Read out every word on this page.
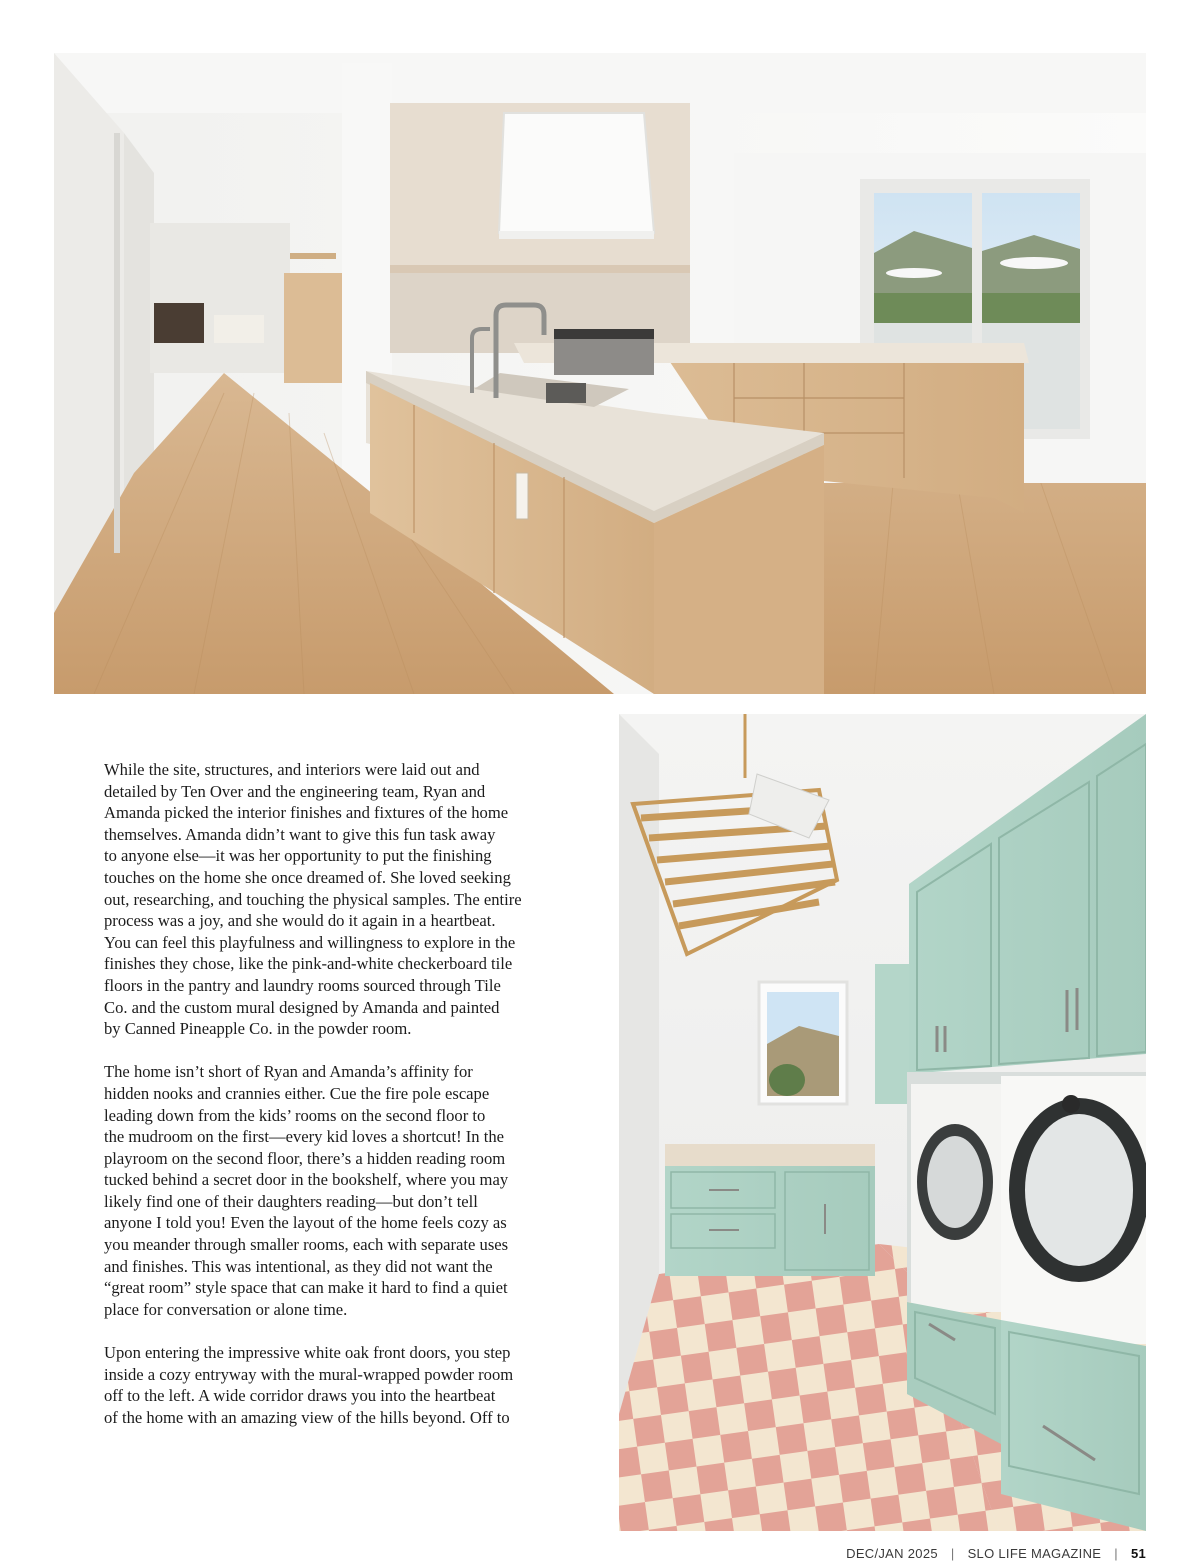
While the site, structures, and interiors were laid out and
detailed by Ten Over and the engineering team, Ryan and
Amanda picked the interior finishes and fixtures of the home
themselves. Amanda didn’t want to give this fun task away
to anyone else—it was her opportunity to put the finishing
touches on the home she once dreamed of. She loved seeking
out, researching, and touching the physical samples. The entire
process was a joy, and she would do it again in a heartbeat.
You can feel this playfulness and willingness to explore in the
finishes they chose, like the pink-and-white checkerboard tile
floors in the pantry and laundry rooms sourced through Tile
Co. and the custom mural designed by Amanda and painted
by Canned Pineapple Co. in the powder room.

The home isn’t short of Ryan and Amanda’s affinity for
hidden nooks and crannies either. Cue the fire pole escape
leading down from the kids’ rooms on the second floor to
the mudroom on the first—every kid loves a shortcut! In the
playroom on the second floor, there’s a hidden reading room
tucked behind a secret door in the bookshelf, where you may
likely find one of their daughters reading—but don’t tell
anyone I told you! Even the layout of the home feels cozy as
you meander through smaller rooms, each with separate uses
and finishes. This was intentional, as they did not want the
“great room” style space that can make it hard to find a quiet
place for conversation or alone time.

Upon entering the impressive white oak front doors, you step
inside a cozy entryway with the mural-wrapped powder room
off to the left. A wide corridor draws you into the heartbeat
of the home with an amazing view of the hills beyond. Off to

DEC/JAN 2025 | SLO LIFE MAGAZINE | 51
